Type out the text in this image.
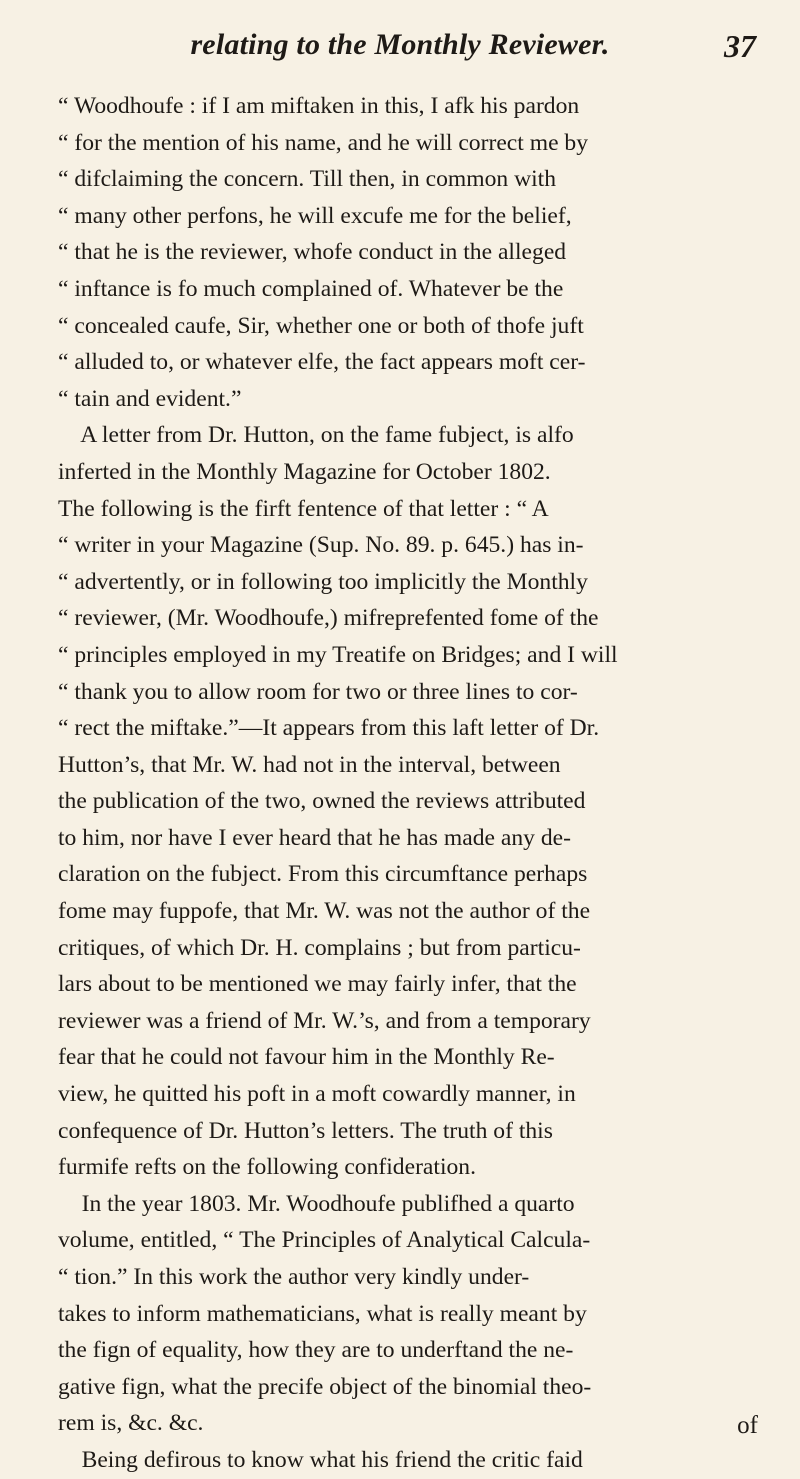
relating to the Monthly Reviewer.	37
“ Woodhoufe : if I am miftaken in this, I afk his pardon
“ for the mention of his name, and he will correct me by
“ difclaiming the concern. Till then, in common with
“ many other perfons, he will excufe me for the belief,
“ that he is the reviewer, whofe conduct in the alleged
“ inftance is fo much complained of. Whatever be the
“ concealed caufe, Sir, whether one or both of thofe juft
“ alluded to, or whatever elfe, the fact appears moft cer-
“ tain and evident.”
A letter from Dr. Hutton, on the fame fubject, is alfo
inferted in the Monthly Magazine for October 1802.
The following is the firft fentence of that letter : “ A
“ writer in your Magazine (Sup. No. 89. p. 645.) has in-
“ advertently, or in following too implicitly the Monthly
“ reviewer, (Mr. Woodhoufe,) mifreprefented fome of the
“ principles employed in my Treatife on Bridges; and I will
“ thank you to allow room for two or three lines to cor-
“ rect the miftake.”—It appears from this laft letter of Dr.
Hutton’s, that Mr. W. had not in the interval, between
the publication of the two, owned the reviews attributed
to him, nor have I ever heard that he has made any de-
claration on the fubject. From this circumftance perhaps
fome may fuppofe, that Mr. W. was not the author of the
critiques, of which Dr. H. complains ; but from particu-
lars about to be mentioned we may fairly infer, that the
reviewer was a friend of Mr. W.’s, and from a temporary
fear that he could not favour him in the Monthly Re-
view, he quitted his poft in a moft cowardly manner, in
confequence of Dr. Hutton’s letters. The truth of this
furmife refts on the following confideration.
In the year 1803. Mr. Woodhoufe publifhed a quarto
volume, entitled, “ The Principles of Analytical Calcula-
“ tion.” In this work the author very kindly under-
takes to inform mathematicians, what is really meant by
the fign of equality, how they are to underftand the ne-
gative fign, what the precife object of the binomial theo-
rem is, &c. &c.
Being defirous to know what his friend the critic faid
of
